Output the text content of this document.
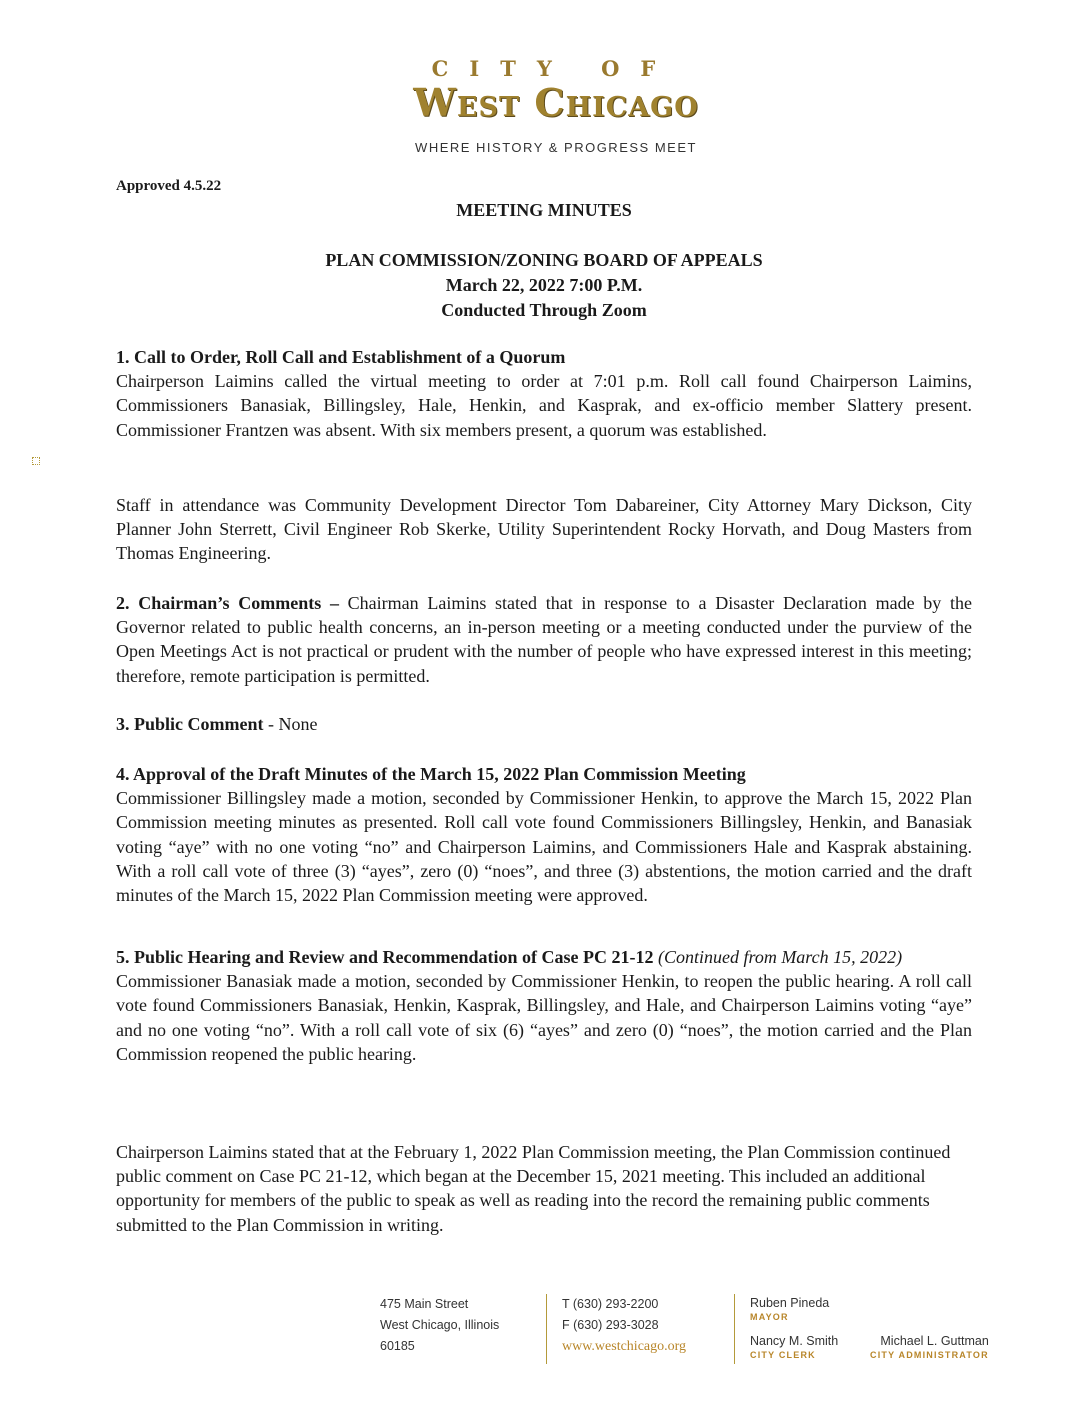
CITY OF
West Chicago
WHERE HISTORY & PROGRESS MEET
Approved 4.5.22
MEETING MINUTES
PLAN COMMISSION/ZONING BOARD OF APPEALS
March 22, 2022 7:00 P.M.
Conducted Through Zoom
1. Call to Order, Roll Call and Establishment of a Quorum
Chairperson Laimins called the virtual meeting to order at 7:01 p.m. Roll call found Chairperson Laimins, Commissioners Banasiak, Billingsley, Hale, Henkin, and Kasprak, and ex-officio member Slattery present. Commissioner Frantzen was absent. With six members present, a quorum was established.
Staff in attendance was Community Development Director Tom Dabareiner, City Attorney Mary Dickson, City Planner John Sterrett, Civil Engineer Rob Skerke, Utility Superintendent Rocky Horvath, and Doug Masters from Thomas Engineering.
2. Chairman’s Comments – Chairman Laimins stated that in response to a Disaster Declaration made by the Governor related to public health concerns, an in-person meeting or a meeting conducted under the purview of the Open Meetings Act is not practical or prudent with the number of people who have expressed interest in this meeting; therefore, remote participation is permitted.
3. Public Comment - None
4. Approval of the Draft Minutes of the March 15, 2022 Plan Commission Meeting
Commissioner Billingsley made a motion, seconded by Commissioner Henkin, to approve the March 15, 2022 Plan Commission meeting minutes as presented. Roll call vote found Commissioners Billingsley, Henkin, and Banasiak voting “aye” with no one voting “no” and Chairperson Laimins, and Commissioners Hale and Kasprak abstaining. With a roll call vote of three (3) “ayes”, zero (0) “noes”, and three (3) abstentions, the motion carried and the draft minutes of the March 15, 2022 Plan Commission meeting were approved.
5. Public Hearing and Review and Recommendation of Case PC 21-12 (Continued from March 15, 2022)
Commissioner Banasiak made a motion, seconded by Commissioner Henkin, to reopen the public hearing. A roll call vote found Commissioners Banasiak, Henkin, Kasprak, Billingsley, and Hale, and Chairperson Laimins voting “aye” and no one voting “no”. With a roll call vote of six (6) “ayes” and zero (0) “noes”, the motion carried and the Plan Commission reopened the public hearing.
Chairperson Laimins stated that at the February 1, 2022 Plan Commission meeting, the Plan Commission continued public comment on Case PC 21-12, which began at the December 15, 2021 meeting. This included an additional opportunity for members of the public to speak as well as reading into the record the remaining public comments submitted to the Plan Commission in writing.
475 Main Street
West Chicago, Illinois
60185
T (630) 293-2200
F (630) 293-3028
www.westchicago.org
Ruben Pineda
MAYOR
Nancy M. Smith
CITY CLERK
Michael L. Guttman
CITY ADMINISTRATOR
